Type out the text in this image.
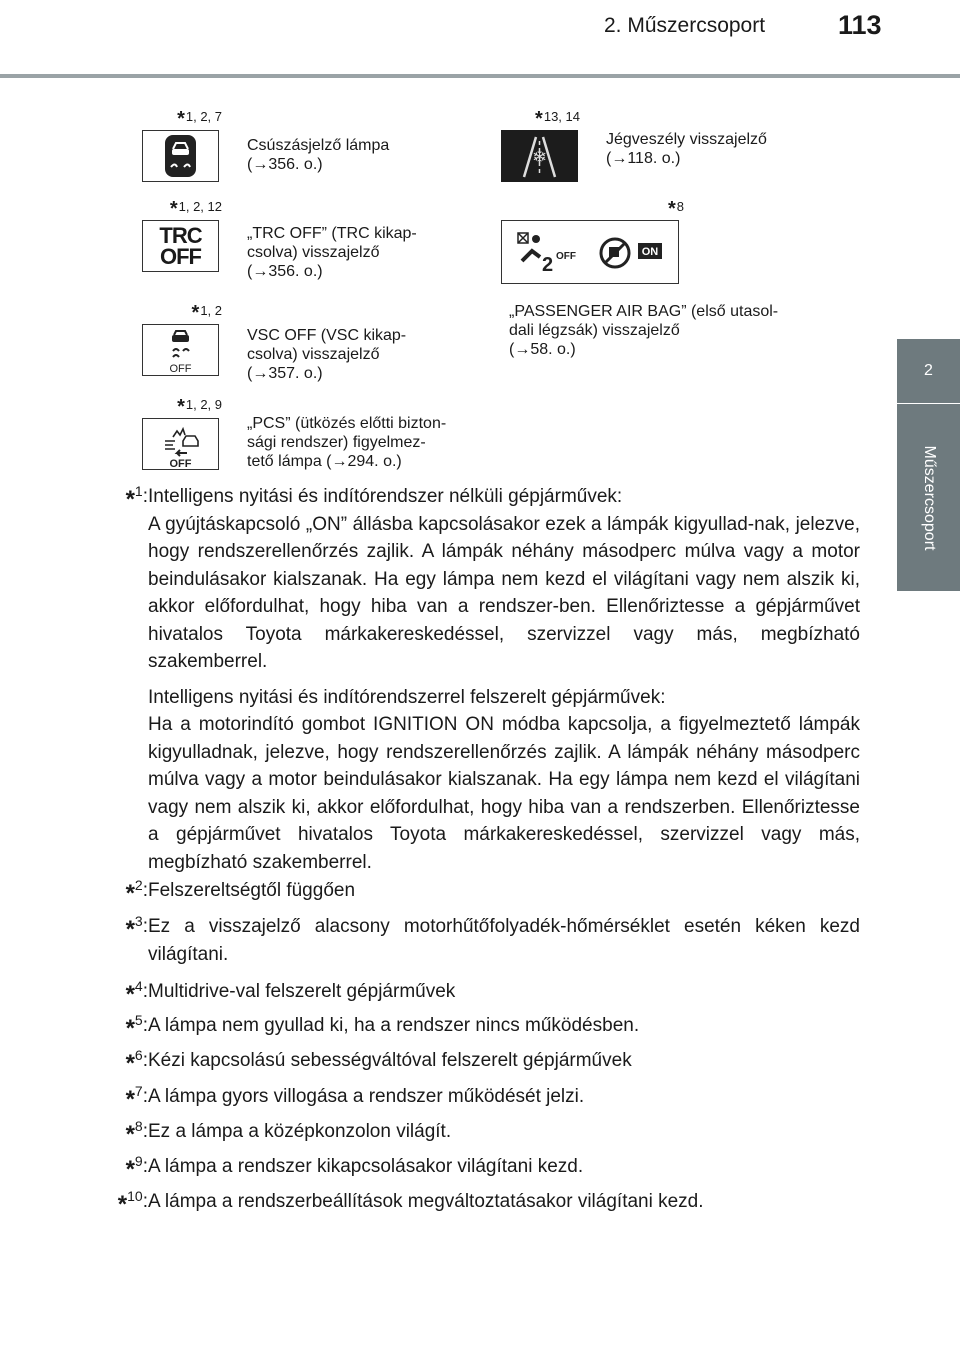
2. Műszercsoport	113
2
Műszercsoport
*1, 2, 7
Csúszásjelző lámpa
(→356. o.)
*13, 14
❄
Jégveszély visszajelző
(→118. o.)
*1, 2, 12
TRC
OFF
„TRC OFF” (TRC kikap-
csolva) visszajelző
(→356. o.)
*8
2 OFF	ON
„PASSENGER AIR BAG” (első utasol-
dali légzsák) visszajelző
(→58. o.)
*1, 2
OFF
VSC OFF (VSC kikap-
csolva) visszajelző
(→357. o.)
*1, 2, 9
OFF
„PCS” (ütközés előtti bizton-
sági rendszer) figyelmez-
tető lámpa (→294. o.)
*$^1$: Intelligens nyitási és indítórendszer nélküli gépjárművek:

A gyújtáskapcsoló „ON” állásba kapcsolásakor ezek a lámpák kigyullad-nak, jelezve, hogy rendszerellenőrzés zajlik. A lámpák néhány másodperc múlva vagy a motor beindulásakor kialszanak. Ha egy lámpa nem kezd el világítani vagy nem alszik ki, akkor előfordulhat, hogy hiba van a rendszer-ben. Ellenőriztesse a gépjárművet hivatalos Toyota márkakereskedéssel, szervizzel vagy más, megbízható szakemberrel.

Intelligens nyitási és indítórendszerrel felszerelt gépjárművek:

Ha a motorindító gombot IGNITION ON módba kapcsolja, a figyelmeztető lámpák kigyulladnak, jelezve, hogy rendszerellenőrzés zajlik. A lámpák néhány másodperc múlva vagy a motor beindulásakor kialszanak. Ha egy lámpa nem kezd el világítani vagy nem alszik ki, akkor előfordulhat, hogy hiba van a rendszerben. Ellenőriztesse a gépjárművet hivatalos Toyota márkakereskedéssel, szervizzel vagy más, megbízható szakemberrel.

*$^2$: Felszereltségtől függően

*$^3$: Ez a visszajelző alacsony motorhűtőfolyadék-hőmérséklet esetén kéken kezd világítani.

*$^4$: Multidrive-val felszerelt gépjárművek

*$^5$: A lámpa nem gyullad ki, ha a rendszer nincs működésben.

*$^6$: Kézi kapcsolású sebességváltóval felszerelt gépjárművek

*$^7$: A lámpa gyors villogása a rendszer működését jelzi.

*$^8$: Ez a lámpa a középkonzolon világít.

*$^9$: A lámpa a rendszer kikapcsolásakor világítani kezd.

*$^{10}$: A lámpa a rendszerbeállítások megváltoztatásakor világítani kezd.
